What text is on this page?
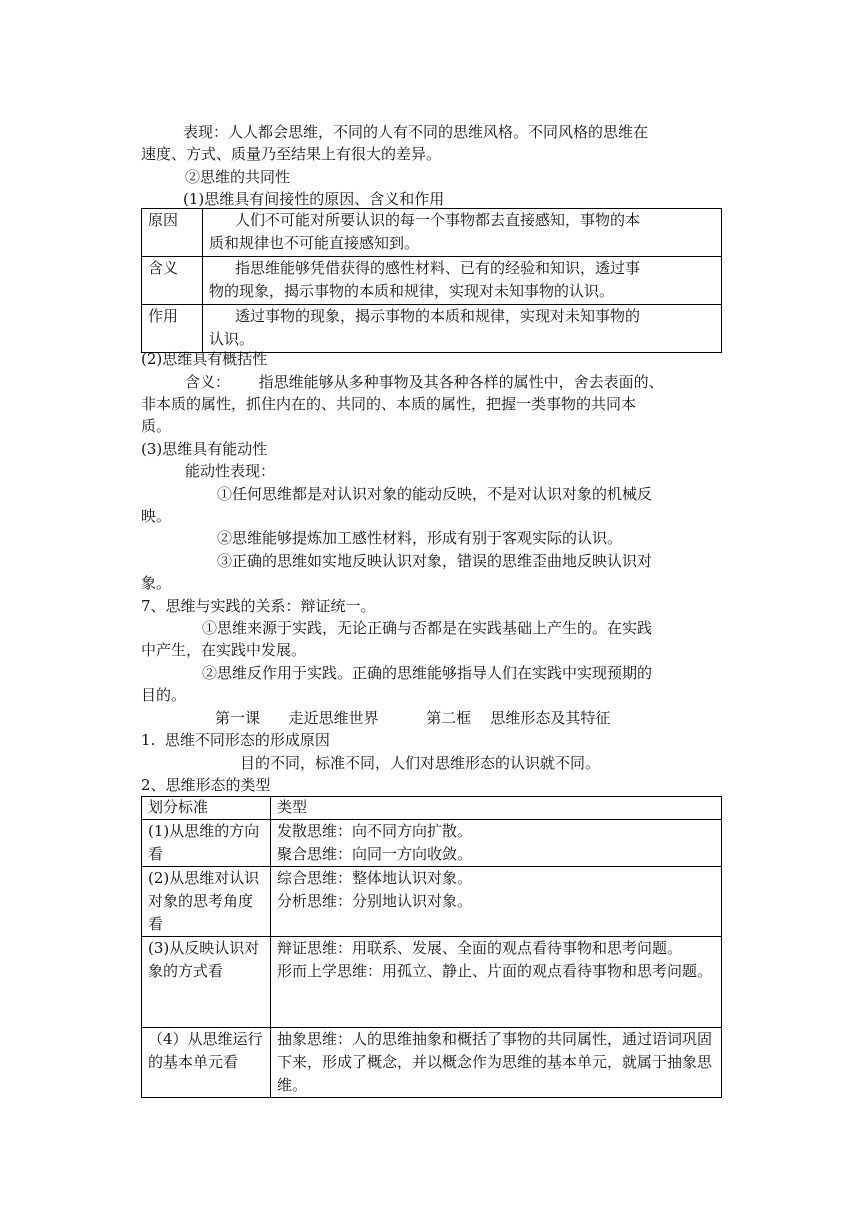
表现：人人都会思维，不同的人有不同的思维风格。不同风格的思维在
速度、方式、质量乃至结果上有很大的差异。
②思维的共同性
(1)思维具有间接性的原因、含义和作用
原因	人们不可能对所要认识的每一个事物都去直接感知，事物的本
质和规律也不可能直接感知到。

含义	指思维能够凭借获得的感性材料、已有的经验和知识，透过事
物的现象，揭示事物的本质和规律，实现对未知事物的认识。

作用	透过事物的现象，揭示事物的本质和规律，实现对未知事物的
认识。
(2)思维具有概括性
含义：      指思维能够从多种事物及其各种各样的属性中，舍去表面的、
非本质的属性，抓住内在的、共同的、本质的属性，把握一类事物的共同本
质。
(3)思维具有能动性
能动性表现：
①任何思维都是对认识对象的能动反映，不是对认识对象的机械反
映。
②思维能够提炼加工感性材料，形成有别于客观实际的认识。
③正确的思维如实地反映认识对象，错误的思维歪曲地反映认识对
象。
7、思维与实践的关系：辩证统一。
①思维来源于实践，无论正确与否都是在实践基础上产生的。在实践
中产生，在实践中发展。
②思维反作用于实践。正确的思维能够指导人们在实践中实现预期的
目的。
第一课      走近思维世界          第二框    思维形态及其特征
1.  思维不同形态的形成原因
目的不同，标准不同，人们对思维形态的认识就不同。
2、思维形态的类型
划分标准	类型
(1)从思维的方向看	发散思维：向不同方向扩散。
聚合思维：向同一方向收敛。

(2)从思维对认识对象的思考角度看	综合思维：整体地认识对象。
分析思维：分别地认识对象。

(3)从反映认识对象的方式看	辩证思维：用联系、发展、全面的观点看待事物和思考问题。
形而上学思维：用孤立、静止、片面的观点看待事物和思考问题。

（4）从思维运行的基本单元看	抽象思维：人的思维抽象和概括了事物的共同属性，通过语词巩固下来，形成了概念，并以概念作为思维的基本单元，就属于抽象思维。
